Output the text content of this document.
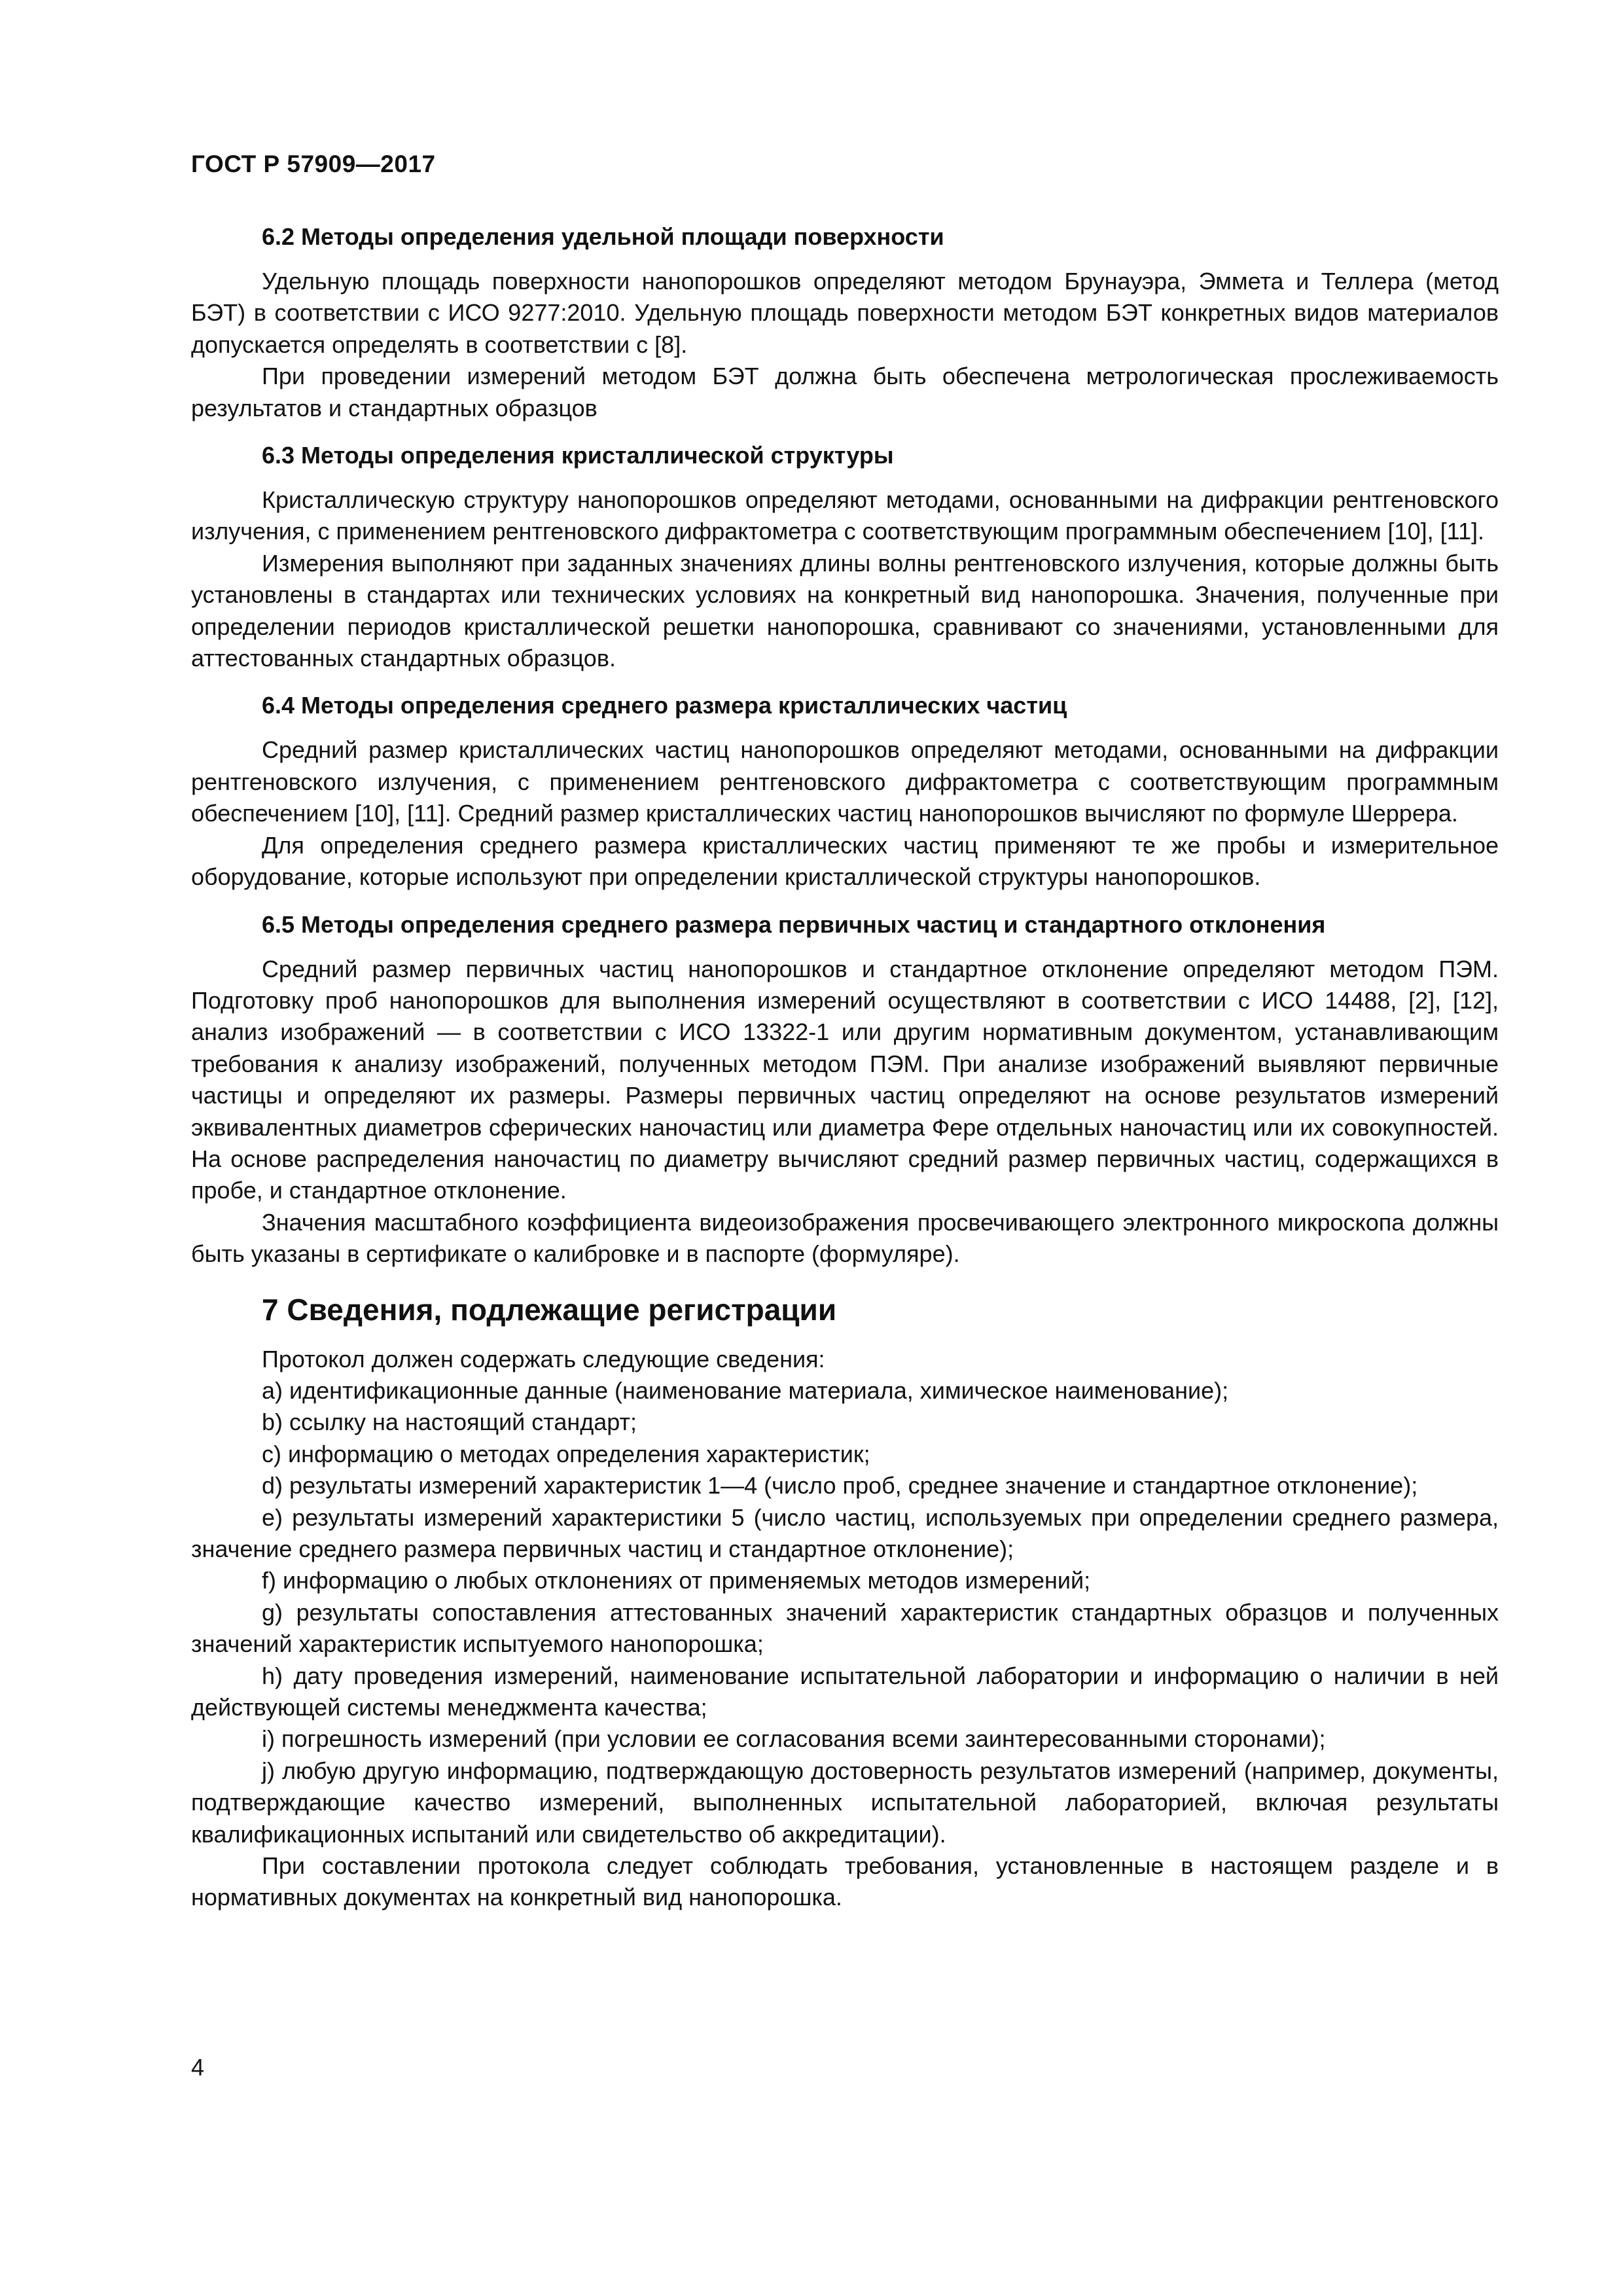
ГОСТ Р 57909—2017
6.2 Методы определения удельной площади поверхности

Удельную площадь поверхности нанопорошков определяют методом Брунауэра, Эммета и Теллера (метод БЭТ) в соответствии с ИСО 9277:2010. Удельную площадь поверхности методом БЭТ конкретных видов материалов допускается определять в соответствии с [8].

При проведении измерений методом БЭТ должна быть обеспечена метрологическая прослеживаемость результатов и стандартных образцов

6.3 Методы определения кристаллической структуры

Кристаллическую структуру нанопорошков определяют методами, основанными на дифракции рентгеновского излучения, с применением рентгеновского дифрактометра с соответствующим программным обеспечением [10], [11].

Измерения выполняют при заданных значениях длины волны рентгеновского излучения, которые должны быть установлены в стандартах или технических условиях на конкретный вид нанопорошка. Значения, полученные при определении периодов кристаллической решетки нанопорошка, сравнивают со значениями, установленными для аттестованных стандартных образцов.

6.4 Методы определения среднего размера кристаллических частиц

Средний размер кристаллических частиц нанопорошков определяют методами, основанными на дифракции рентгеновского излучения, с применением рентгеновского дифрактометра с соответствующим программным обеспечением [10], [11]. Средний размер кристаллических частиц нанопорошков вычисляют по формуле Шеррера.

Для определения среднего размера кристаллических частиц применяют те же пробы и измерительное оборудование, которые используют при определении кристаллической структуры нанопорошков.

6.5 Методы определения среднего размера первичных частиц и стандартного отклонения

Средний размер первичных частиц нанопорошков и стандартное отклонение определяют методом ПЭМ. Подготовку проб нанопорошков для выполнения измерений осуществляют в соответствии с ИСО 14488, [2], [12], анализ изображений — в соответствии с ИСО 13322-1 или другим нормативным документом, устанавливающим требования к анализу изображений, полученных методом ПЭМ. При анализе изображений выявляют первичные частицы и определяют их размеры. Размеры первичных частиц определяют на основе результатов измерений эквивалентных диаметров сферических наночастиц или диаметра Фере отдельных наночастиц или их совокупностей. На основе распределения наночастиц по диаметру вычисляют средний размер первичных частиц, содержащихся в пробе, и стандартное отклонение.

Значения масштабного коэффициента видеоизображения просвечивающего электронного микроскопа должны быть указаны в сертификате о калибровке и в паспорте (формуляре).

7 Сведения, подлежащие регистрации

Протокол должен содержать следующие сведения:

а) идентификационные данные (наименование материала, химическое наименование);

b) ссылку на настоящий стандарт;

c) информацию о методах определения характеристик;

d) результаты измерений характеристик 1—4 (число проб, среднее значение и стандартное отклонение);

e) результаты измерений характеристики 5 (число частиц, используемых при определении среднего размера, значение среднего размера первичных частиц и стандартное отклонение);

f) информацию о любых отклонениях от применяемых методов измерений;

g) результаты сопоставления аттестованных значений характеристик стандартных образцов и полученных значений характеристик испытуемого нанопорошка;

h) дату проведения измерений, наименование испытательной лаборатории и информацию о наличии в ней действующей системы менеджмента качества;

i) погрешность измерений (при условии ее согласования всеми заинтересованными сторонами);

j) любую другую информацию, подтверждающую достоверность результатов измерений (например, документы, подтверждающие качество измерений, выполненных испытательной лабораторией, включая результаты квалификационных испытаний или свидетельство об аккредитации).

При составлении протокола следует соблюдать требования, установленные в настоящем разделе и в нормативных документах на конкретный вид нанопорошка.

4
